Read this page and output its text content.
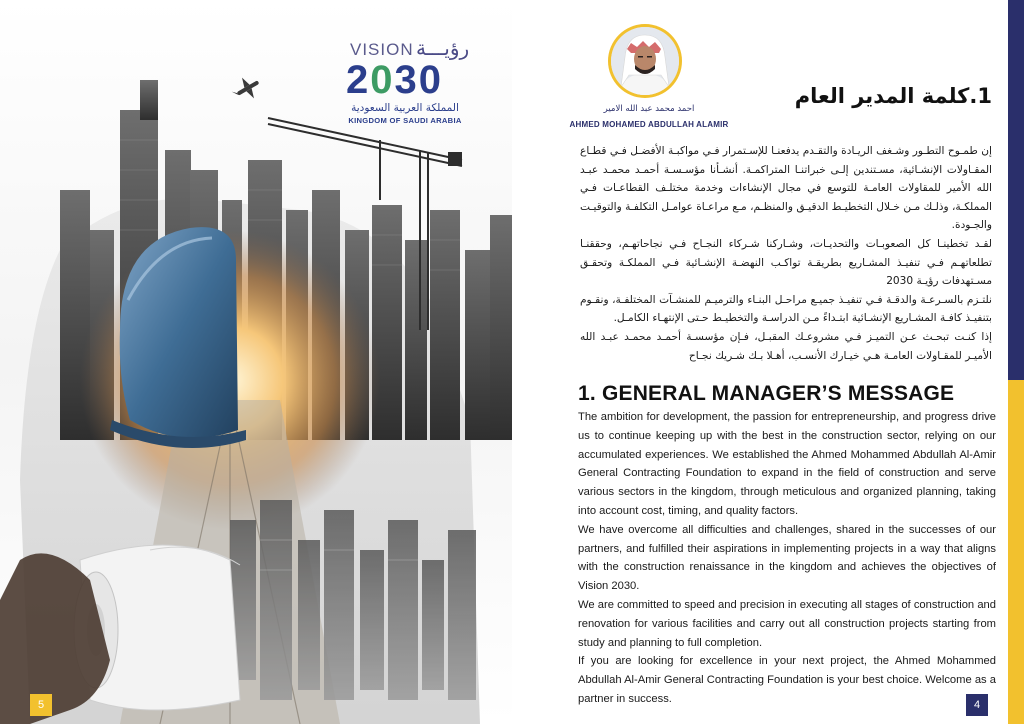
VISION رؤيـــة
2030
المملكة العربية السعودية
KINGDOM OF SAUDI ARABIA
5
احمد محمد عبد الله الامير
AHMED MOHAMED ABDULLAH ALAMIR
1.كلمة المدير العام

إن طمـوح التطـور وشـغف الريـادة والتقـدم يدفعنـا للإسـتمرار فـي مواكبـة الأفضـل فـي قطـاع المقـاولات الإنشـائية، مسـتندين إلـى خبراتنـا المتراكمـة. أنشـأنا مؤسـسـة أحمـد محمـد عبـد الله الأمير للمقاولات العامـة للتوسع في مجال الإنشاءات وخدمة مختلـف القطاعـات فـي المملكـة، وذلـك مـن خـلال التخطيـط الدقيـق والمنظـم، مـع مراعـاة عوامـل التكلفـة والتوقيـت والجـودة.

لقـد تخطينـا كل الصعوبـات والتحديـات، وشـاركنا شـركاء النجـاح فـي نجاحاتهـم، وحققنـا تطلعاتهـم فـي تنفيـذ المشـاريع بطريقـة تواكـب النهضـة الإنشـائية فـي المملكـة وتحقـق مسـتهدفات رؤيـة 2030

نلتـزم بالسـرعـة والدقـة فـي تنفيـذ جميـع مراحـل البنـاء والترميـم للمنشـآت المختلفـة، ونقـوم بتنفيـذ كافـة المشـاريع الإنشـائية ابتـداءً مـن الدراسـة والتخطيـط حـتى الإنتهـاء الكامـل.

إذا كنـت تبحـث عـن التميـز فـي مشروعـك المقبـل، فـإن مؤسسـة أحمـد محمـد عبـد الله الأميـر للمقـاولات العامـة هـي خيـارك الأنسـب، أهـلا بـك شـريك نجـاح

1. GENERAL MANAGER’S MESSAGE

The ambition for development, the passion for entrepreneurship, and progress drive us to continue keeping up with the best in the construction sector, relying on our accumulated experiences. We established the Ahmed Mohammed Abdullah Al-Amir General Contracting Foundation to expand in the field of construction and serve various sectors in the kingdom, through meticulous and organized planning, taking into account cost, timing, and quality factors.

We have overcome all difficulties and challenges, shared in the successes of our partners, and fulfilled their aspirations in implementing projects in a way that aligns with the construction renaissance in the kingdom and achieves the objectives of Vision 2030.

We are committed to speed and precision in executing all stages of construction and renovation for various facilities and carry out all construction projects starting from study and planning to full completion.

If you are looking for excellence in your next project, the Ahmed Mohammed Abdullah Al-Amir General Contracting Foundation is your best choice. Welcome as a partner in success.

4
